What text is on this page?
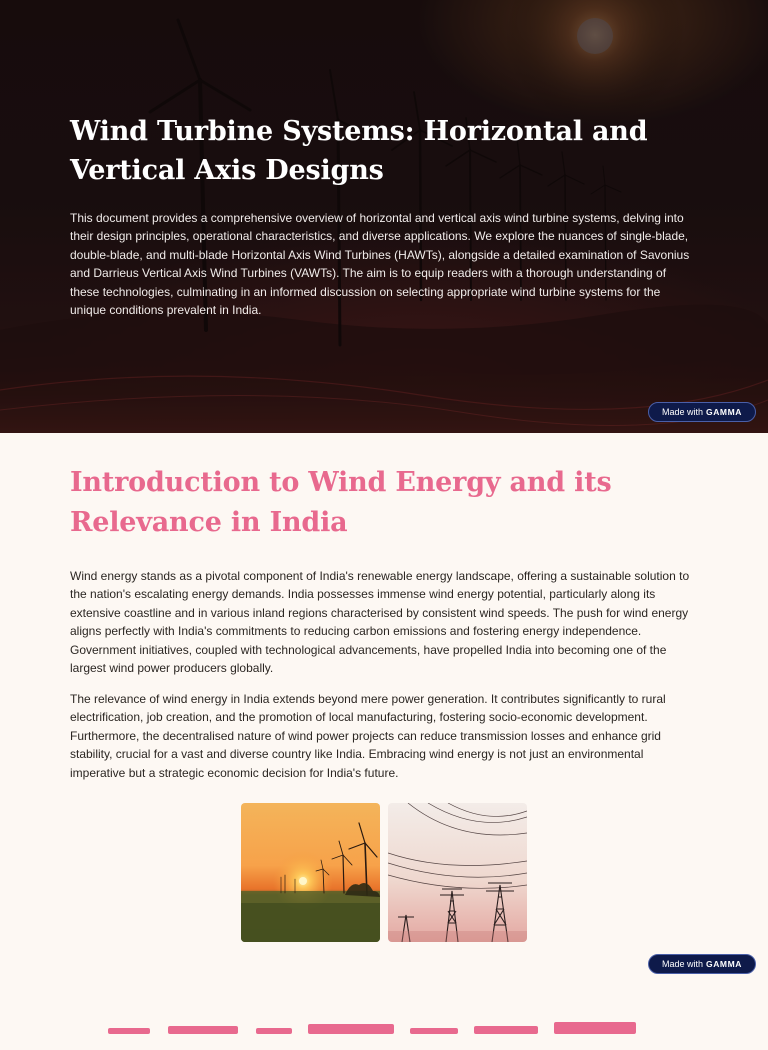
Wind Turbine Systems: Horizontal and Vertical Axis Designs

This document provides a comprehensive overview of horizontal and vertical axis wind turbine systems, delving into their design principles, operational characteristics, and diverse applications. We explore the nuances of single-blade, double-blade, and multi-blade Horizontal Axis Wind Turbines (HAWTs), alongside a detailed examination of Savonius and Darrieus Vertical Axis Wind Turbines (VAWTs). The aim is to equip readers with a thorough understanding of these technologies, culminating in an informed discussion on selecting appropriate wind turbine systems for the unique conditions prevalent in India.

Made with GAMMA
Introduction to Wind Energy and its Relevance in India

Wind energy stands as a pivotal component of India's renewable energy landscape, offering a sustainable solution to the nation's escalating energy demands. India possesses immense wind energy potential, particularly along its extensive coastline and in various inland regions characterised by consistent wind speeds. The push for wind energy aligns perfectly with India's commitments to reducing carbon emissions and fostering energy independence. Government initiatives, coupled with technological advancements, have propelled India into becoming one of the largest wind power producers globally.

The relevance of wind energy in India extends beyond mere power generation. It contributes significantly to rural electrification, job creation, and the promotion of local manufacturing, fostering socio-economic development. Furthermore, the decentralised nature of wind power projects can reduce transmission losses and enhance grid stability, crucial for a vast and diverse country like India. Embracing wind energy is not just an environmental imperative but a strategic economic decision for India's future.

Made with GAMMA
